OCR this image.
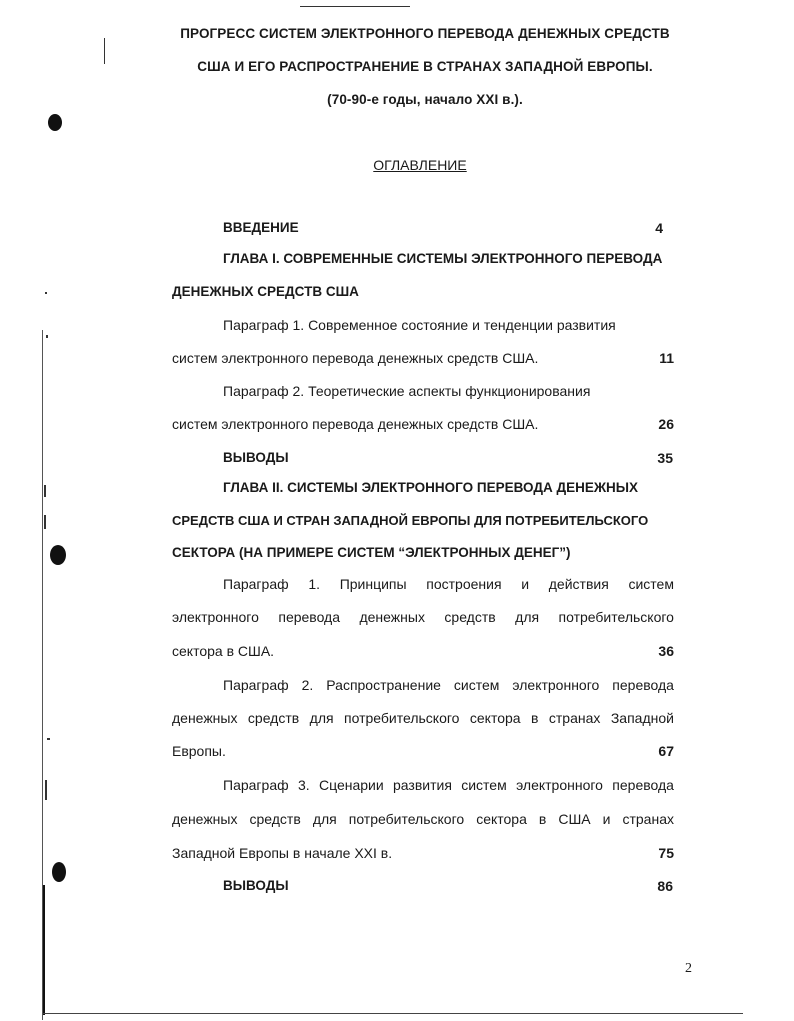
ПРОГРЕСС СИСТЕМ ЭЛЕКТРОННОГО ПЕРЕВОДА ДЕНЕЖНЫХ СРЕДСТВ
США И ЕГО РАСПРОСТРАНЕНИЕ В СТРАНАХ ЗАПАДНОЙ ЕВРОПЫ.
(70-90-е годы, начало XXI в.).
ОГЛАВЛЕНИЕ
ВВЕДЕНИЕ	4
ГЛАВА I. СОВРЕМЕННЫЕ СИСТЕМЫ ЭЛЕКТРОННОГО ПЕРЕВОДА
ДЕНЕЖНЫХ СРЕДСТВ США
Параграф 1. Современное состояние и тенденции развития
систем электронного перевода денежных средств США.	11
Параграф 2. Теоретические аспекты функционирования
систем электронного перевода денежных средств США.	26
ВЫВОДЫ	35
ГЛАВА II. СИСТЕМЫ ЭЛЕКТРОННОГО ПЕРЕВОДА ДЕНЕЖНЫХ
СРЕДСТВ США И СТРАН ЗАПАДНОЙ ЕВРОПЫ ДЛЯ ПОТРЕБИТЕЛЬСКОГО
СЕКТОРА (НА ПРИМЕРЕ СИСТЕМ “ЭЛЕКТРОННЫХ ДЕНЕГ”)
Параграф 1. Принципы построения и действия систем
электронного перевода денежных средств для потребительского
сектора в США.	36
Параграф 2. Распространение систем электронного перевода
денежных средств для потребительского сектора в странах Западной
Европы.	67
Параграф 3. Сценарии развития систем электронного перевода
денежных средств для потребительского сектора в США и странах
Западной Европы в начале XXI в.	75
ВЫВОДЫ	86
2
